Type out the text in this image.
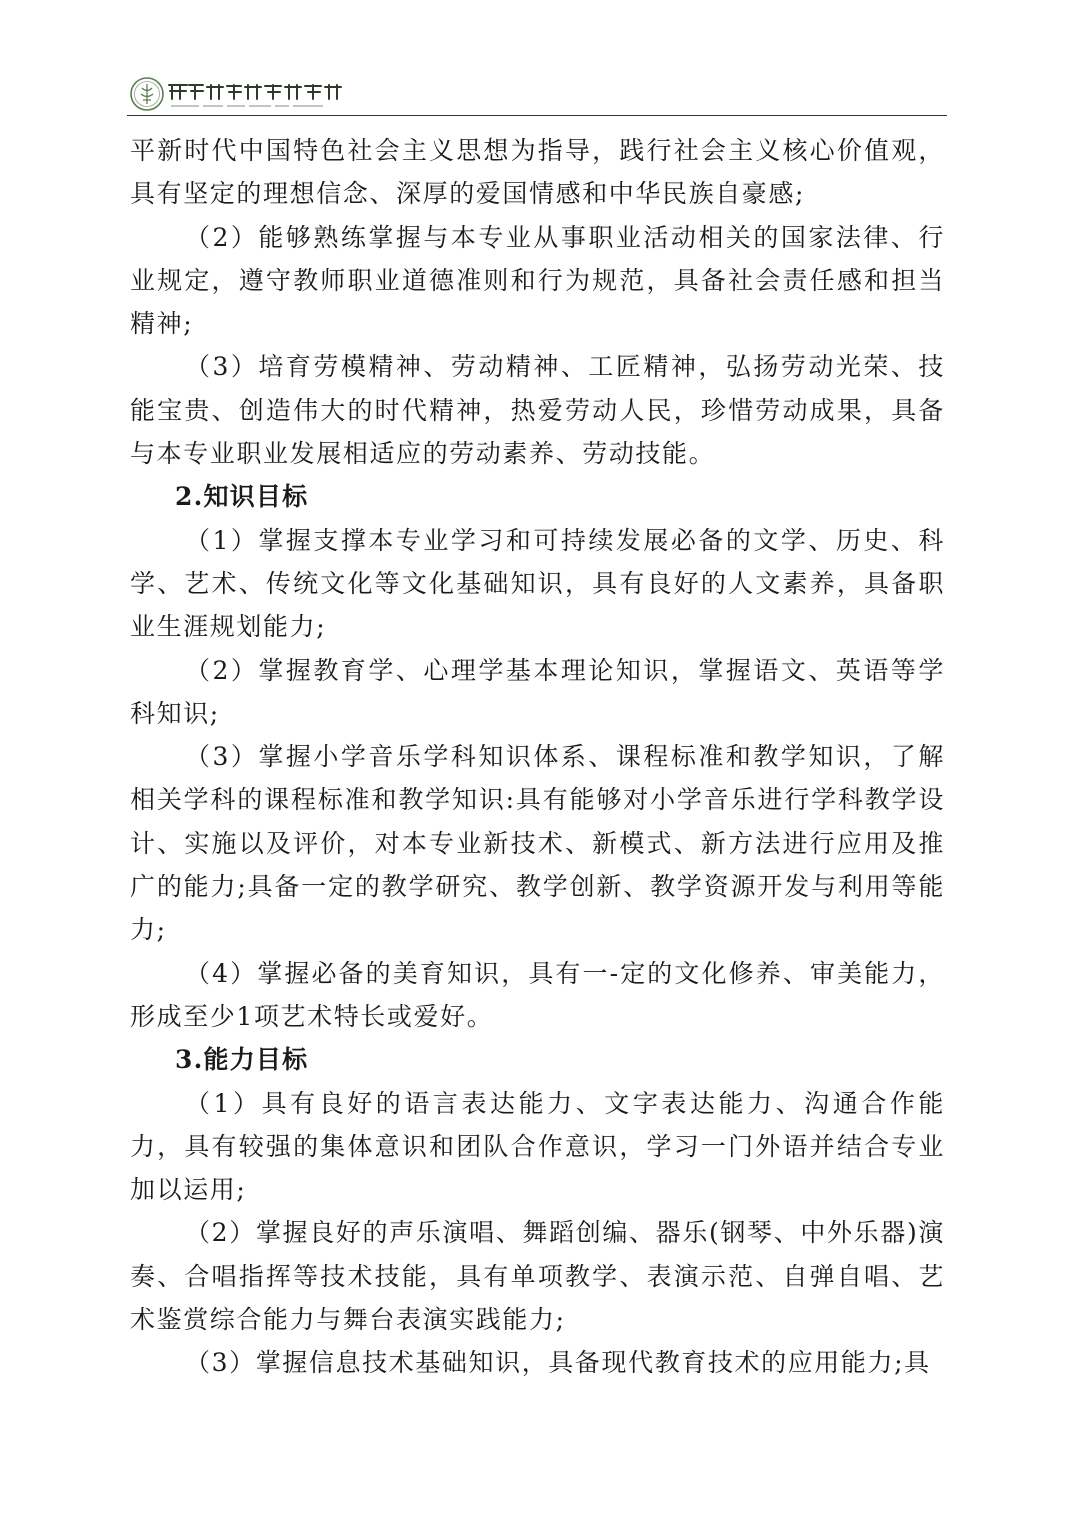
平新时代中国特色社会主义思想为指导，践行社会主义核心价值观，具有坚定的理想信念、深厚的爱国情感和中华民族自豪感;

（2）能够熟练掌握与本专业从事职业活动相关的国家法律、行业规定，遵守教师职业道德准则和行为规范，具备社会责任感和担当精神;

（3）培育劳模精神、劳动精神、工匠精神，弘扬劳动光荣、技能宝贵、创造伟大的时代精神，热爱劳动人民，珍惜劳动成果，具备与本专业职业发展相适应的劳动素养、劳动技能。

2.知识目标

（1）掌握支撑本专业学习和可持续发展必备的文学、历史、科学、艺术、传统文化等文化基础知识，具有良好的人文素养，具备职业生涯规划能力;

（2）掌握教育学、心理学基本理论知识，掌握语文、英语等学科知识;

（3）掌握小学音乐学科知识体系、课程标准和教学知识，了解相关学科的课程标准和教学知识:具有能够对小学音乐进行学科教学设计、实施以及评价，对本专业新技术、新模式、新方法进行应用及推广的能力;具备一定的教学研究、教学创新、教学资源开发与利用等能力;

（4）掌握必备的美育知识，具有一-定的文化修养、审美能力，形成至少1项艺术特长或爱好。

3.能力目标

（1）具有良好的语言表达能力、文字表达能力、沟通合作能力，具有较强的集体意识和团队合作意识，学习一门外语并结合专业加以运用;

（2）掌握良好的声乐演唱、舞蹈创编、器乐(钢琴、中外乐器)演奏、合唱指挥等技术技能，具有单项教学、表演示范、自弹自唱、艺术鉴赏综合能力与舞台表演实践能力;

（3）掌握信息技术基础知识，具备现代教育技术的应用能力;具
